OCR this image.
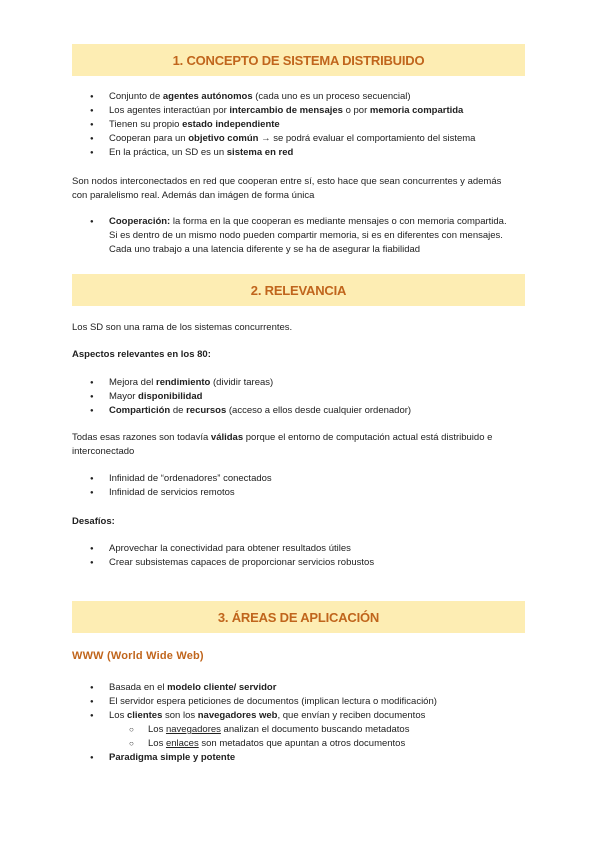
1. CONCEPTO DE SISTEMA DISTRIBUIDO
●
Conjunto de agentes autónomos (cada uno es un proceso secuencial)
●
Los agentes interactúan por intercambio de mensajes o por memoria compartida
●
Tienen su propio estado independiente
●
Cooperan para un objetivo común → se podrá evaluar el comportamiento del sistema
●
En la práctica, un SD es un sistema en red
Son nodos interconectados en red que cooperan entre sí, esto hace que sean concurrentes y además
con paralelismo real. Además dan imágen de forma única
●
Cooperación: la forma en la que cooperan es mediante mensajes o con memoria compartida.
Si es dentro de un mismo nodo pueden compartir memoria, si es en diferentes con mensajes.
Cada uno trabajo a una latencia diferente y se ha de asegurar la fiabilidad
2. RELEVANCIA
Los SD son una rama de los sistemas concurrentes.
Aspectos relevantes en los 80:
●
Mejora del rendimiento (dividir tareas)
●
Mayor disponibilidad
●
Compartición de recursos (acceso a ellos desde cualquier ordenador)
Todas esas razones son todavía válidas porque el entorno de computación actual está distribuido e
interconectado
●
Infinidad de “ordenadores” conectados
●
Infinidad de servicios remotos
Desafíos:
●
Aprovechar la conectividad para obtener resultados útiles
●
Crear subsistemas capaces de proporcionar servicios robustos
3. ÁREAS DE APLICACIÓN
WWW (World Wide Web)
●
Basada en el modelo cliente/ servidor
●
El servidor espera peticiones de documentos (implican lectura o modificación)
●
Los clientes son los navegadores web, que envían y reciben documentos
○
Los navegadores analizan el documento buscando metadatos
○
Los enlaces son metadatos que apuntan a otros documentos
●
Paradigma simple y potente
